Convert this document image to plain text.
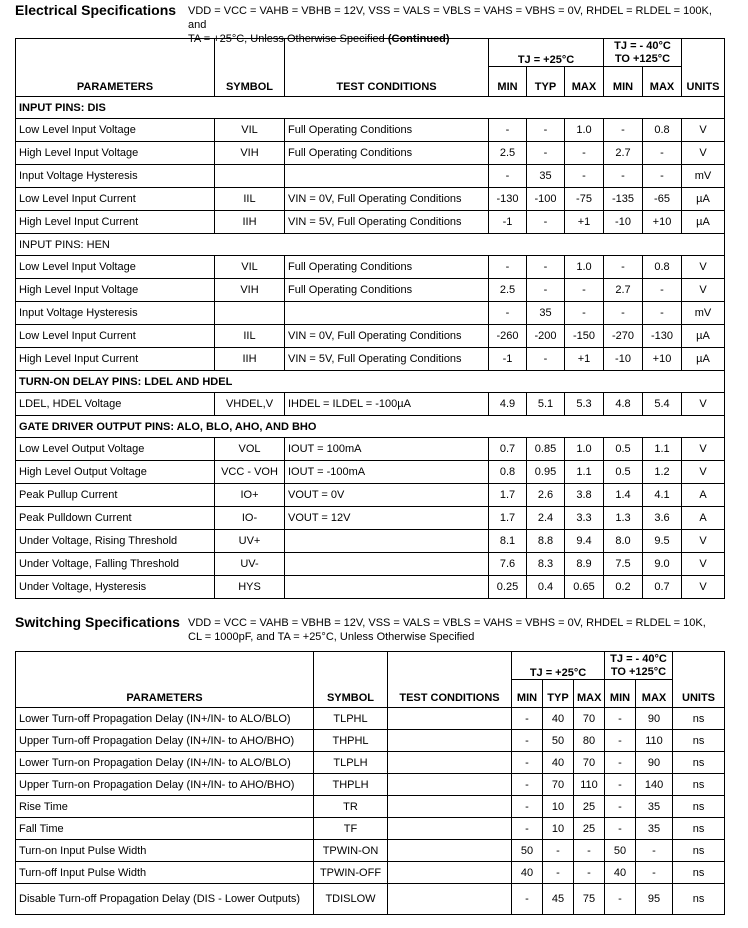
Electrical Specifications VDD = VCC = VAHB = VBHB = 12V, VSS = VALS = VBLS = VAHS = VBHS = 0V, RHDEL = RLDEL = 100K, and
TA = +25°C, Unless Otherwise Specified (Continued)
PARAMETERS	SYMBOL	TEST CONDITIONS	TJ = +25°C			TJ = - 40°C
TO +125°C		UNITS
			MIN	TYP	MAX	MIN	MAX	
INPUT PINS: DIS								
Low Level Input Voltage	VIL	Full Operating Conditions	-	-	1.0	-	0.8	V
High Level Input Voltage	VIH	Full Operating Conditions	2.5	-	-	2.7	-	V
Input Voltage Hysteresis			-	35	-	-	-	mV
Low Level Input Current	IIL	VIN = 0V, Full Operating Conditions	-130	-100	-75	-135	-65	µA
High Level Input Current	IIH	VIN = 5V, Full Operating Conditions	-1	-	+1	-10	+10	µA
INPUT PINS: HEN								
Low Level Input Voltage	VIL	Full Operating Conditions	-	-	1.0	-	0.8	V
High Level Input Voltage	VIH	Full Operating Conditions	2.5	-	-	2.7	-	V
Input Voltage Hysteresis			-	35	-	-	-	mV
Low Level Input Current	IIL	VIN = 0V, Full Operating Conditions	-260	-200	-150	-270	-130	µA
High Level Input Current	IIH	VIN = 5V, Full Operating Conditions	-1	-	+1	-10	+10	µA
TURN-ON DELAY PINS: LDEL AND HDEL								
LDEL, HDEL Voltage	VHDEL,V	IHDEL = ILDEL = -100µA	4.9	5.1	5.3	4.8	5.4	V
GATE DRIVER OUTPUT PINS: ALO, BLO, AHO, AND BHO								
Low Level Output Voltage	VOL	IOUT = 100mA	0.7	0.85	1.0	0.5	1.1	V
High Level Output Voltage	VCC - VOH	IOUT = -100mA	0.8	0.95	1.1	0.5	1.2	V
Peak Pullup Current	IO+	VOUT = 0V	1.7	2.6	3.8	1.4	4.1	A
Peak Pulldown Current	IO-	VOUT = 12V	1.7	2.4	3.3	1.3	3.6	A
Under Voltage, Rising Threshold	UV+		8.1	8.8	9.4	8.0	9.5	V
Under Voltage, Falling Threshold	UV-		7.6	8.3	8.9	7.5	9.0	V
Under Voltage, Hysteresis	HYS		0.25	0.4	0.65	0.2	0.7	V
Switching Specifications VDD = VCC = VAHB = VBHB = 12V, VSS = VALS = VBLS = VAHS = VBHS = 0V, RHDEL = RLDEL = 10K,
CL = 1000pF, and TA = +25°C, Unless Otherwise Specified
PARAMETERS	SYMBOL	TEST CONDITIONS	TJ = +25°C			TJ = - 40°C
TO +125°C		UNITS
			MIN	TYP	MAX	MIN	MAX	
Lower Turn-off Propagation Delay (IN+/IN- to ALO/BLO)	TLPHL		-	40	70	-	90	ns
Upper Turn-off Propagation Delay (IN+/IN- to AHO/BHO)	THPHL		-	50	80	-	110	ns
Lower Turn-on Propagation Delay (IN+/IN- to ALO/BLO)	TLPLH		-	40	70	-	90	ns
Upper Turn-on Propagation Delay (IN+/IN- to AHO/BHO)	THPLH		-	70	110	-	140	ns
Rise Time	TR		-	10	25	-	35	ns
Fall Time	TF		-	10	25	-	35	ns
Turn-on Input Pulse Width	TPWIN-ON		50	-	-	50	-	ns
Turn-off Input Pulse Width	TPWIN-OFF		40	-	-	40	-	ns
Disable Turn-off Propagation Delay (DIS - Lower Outputs)	TDISLOW		-	45	75	-	95	ns
